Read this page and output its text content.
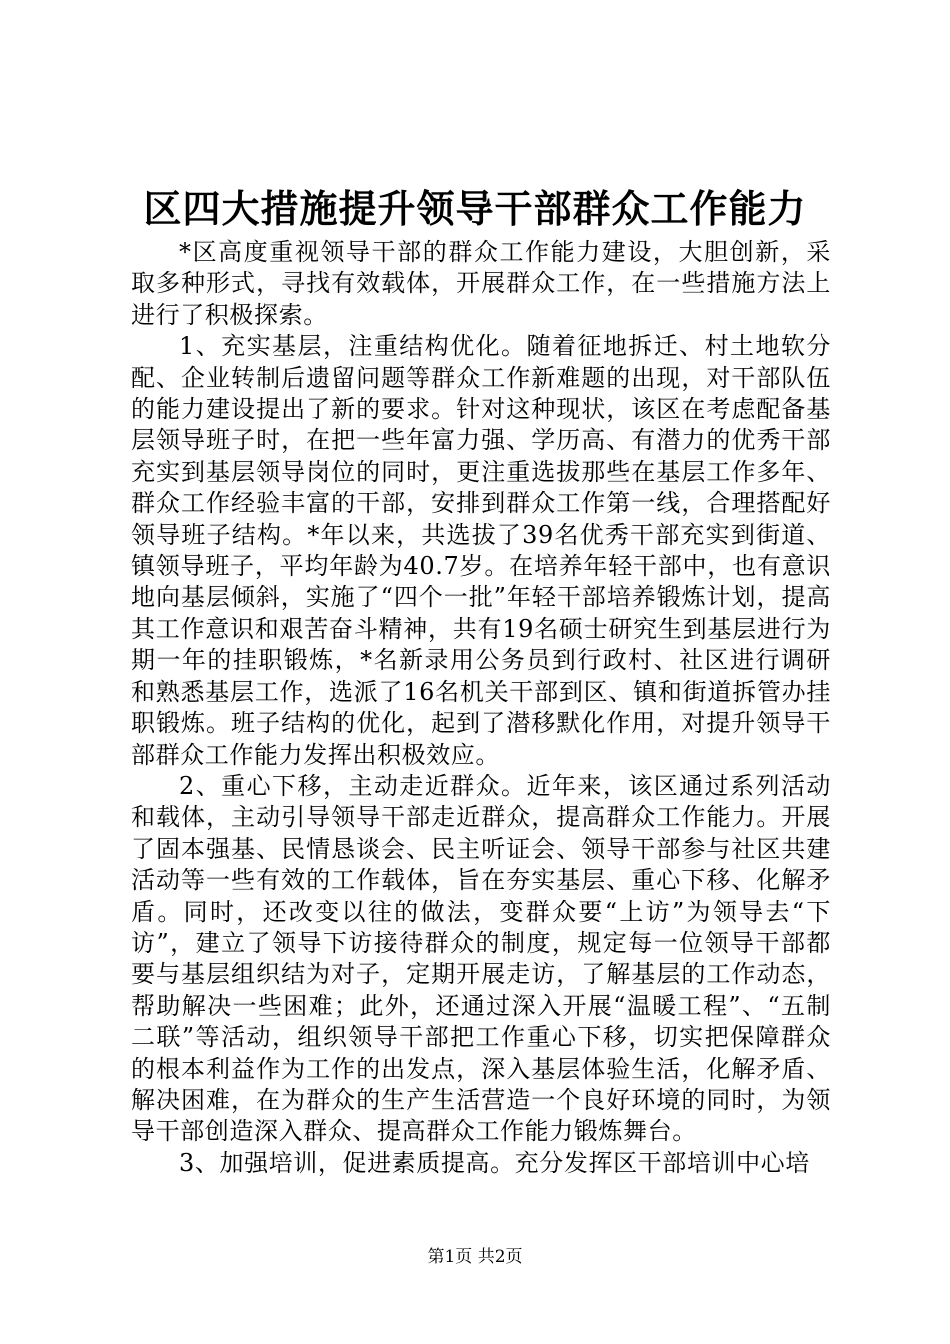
区四大措施提升领导干部群众工作能力

*区高度重视领导干部的群众工作能力建设，大胆创新，采取多种形式，寻找有效载体，开展群众工作，在一些措施方法上进行了积极探索。

1、充实基层，注重结构优化。随着征地拆迁、村土地软分配、企业转制后遗留问题等群众工作新难题的出现，对干部队伍的能力建设提出了新的要求。针对这种现状，该区在考虑配备基层领导班子时，在把一些年富力强、学历高、有潜力的优秀干部充实到基层领导岗位的同时，更注重选拔那些在基层工作多年、群众工作经验丰富的干部，安排到群众工作第一线，合理搭配好领导班子结构。*年以来，共选拔了39名优秀干部充实到街道、镇领导班子，平均年龄为40.7岁。在培养年轻干部中，也有意识地向基层倾斜，实施了“四个一批”年轻干部培养锻炼计划，提高其工作意识和艰苦奋斗精神，共有19名硕士研究生到基层进行为期一年的挂职锻炼，*名新录用公务员到行政村、社区进行调研和熟悉基层工作，选派了16名机关干部到区、镇和街道拆管办挂职锻炼。班子结构的优化，起到了潜移默化作用，对提升领导干部群众工作能力发挥出积极效应。

2、重心下移，主动走近群众。近年来，该区通过系列活动和载体，主动引导领导干部走近群众，提高群众工作能力。开展了固本强基、民情恳谈会、民主听证会、领导干部参与社区共建活动等一些有效的工作载体，旨在夯实基层、重心下移、化解矛盾。同时，还改变以往的做法，变群众要“上访”为领导去“下访”，建立了领导下访接待群众的制度，规定每一位领导干部都要与基层组织结为对子，定期开展走访，了解基层的工作动态，帮助解决一些困难；此外，还通过深入开展“温暖工程”、“五制二联”等活动，组织领导干部把工作重心下移，切实把保障群众的根本利益作为工作的出发点，深入基层体验生活，化解矛盾、解决困难，在为群众的生产生活营造一个良好环境的同时，为领导干部创造深入群众、提高群众工作能力锻炼舞台。

3、加强培训，促进素质提高。充分发挥区干部培训中心培

第1页 共2页
